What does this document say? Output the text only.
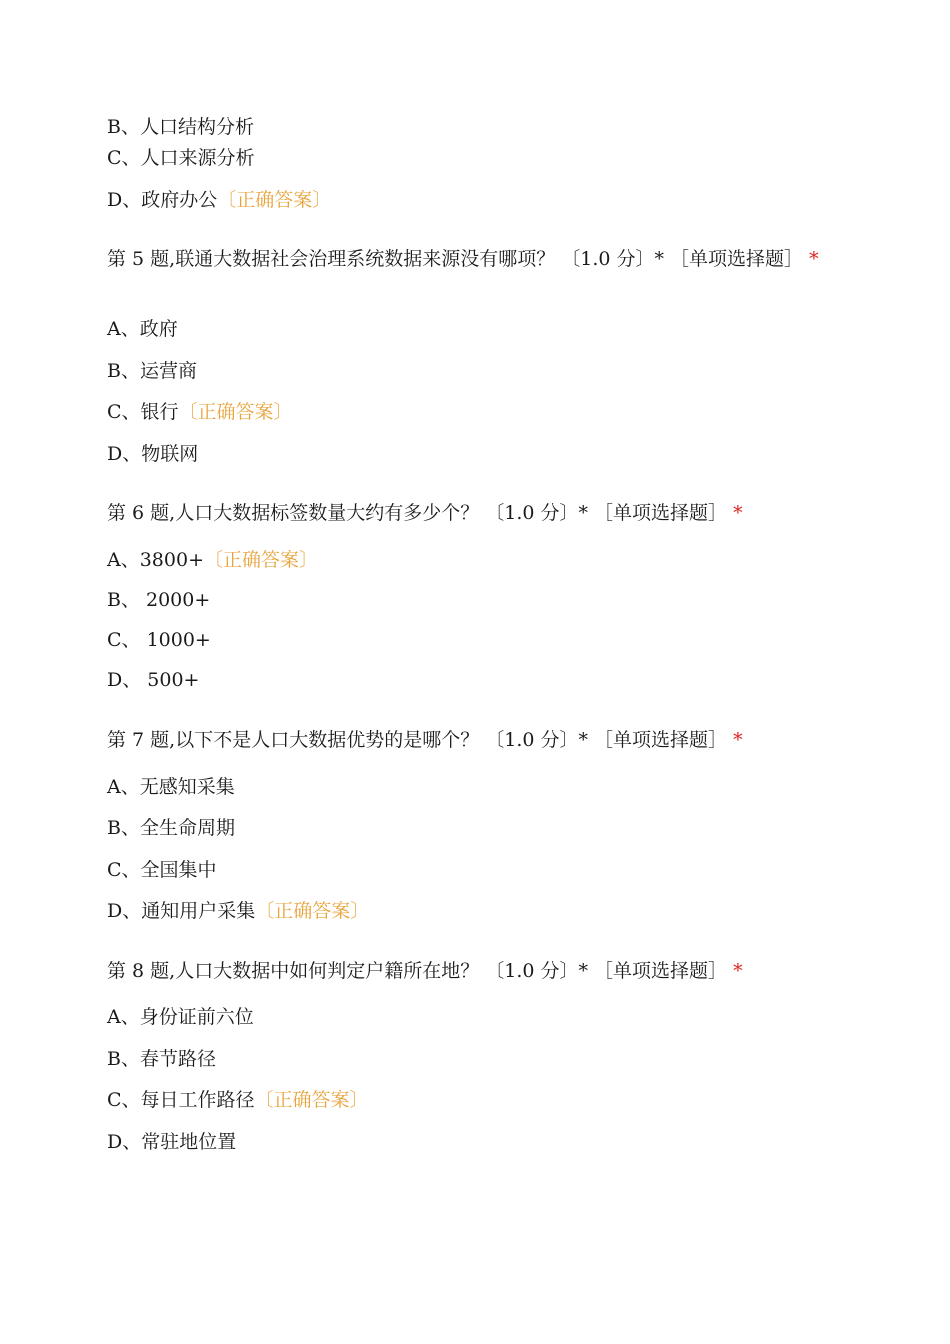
B、人口结构分析
C、人口来源分析
D、政府办公〔正确答案〕
第 5 题,联通大数据社会治理系统数据来源没有哪项？ 〔1.0 分〕* ［单项选择题］ *
A、政府
B、运营商
C、银行〔正确答案〕
D、物联网
第 6 题,人口大数据标签数量大约有多少个？ 〔1.0 分〕* ［单项选择题］ *
A、3800+〔正确答案〕
B、 2000+
C、 1000+
D、 500+
第 7 题,以下不是人口大数据优势的是哪个？ 〔1.0 分〕* ［单项选择题］ *
A、无感知采集
B、全生命周期
C、全国集中
D、通知用户采集〔正确答案〕
第 8 题,人口大数据中如何判定户籍所在地？ 〔1.0 分〕* ［单项选择题］ *
A、身份证前六位
B、春节路径
C、每日工作路径〔正确答案〕
D、常驻地位置
